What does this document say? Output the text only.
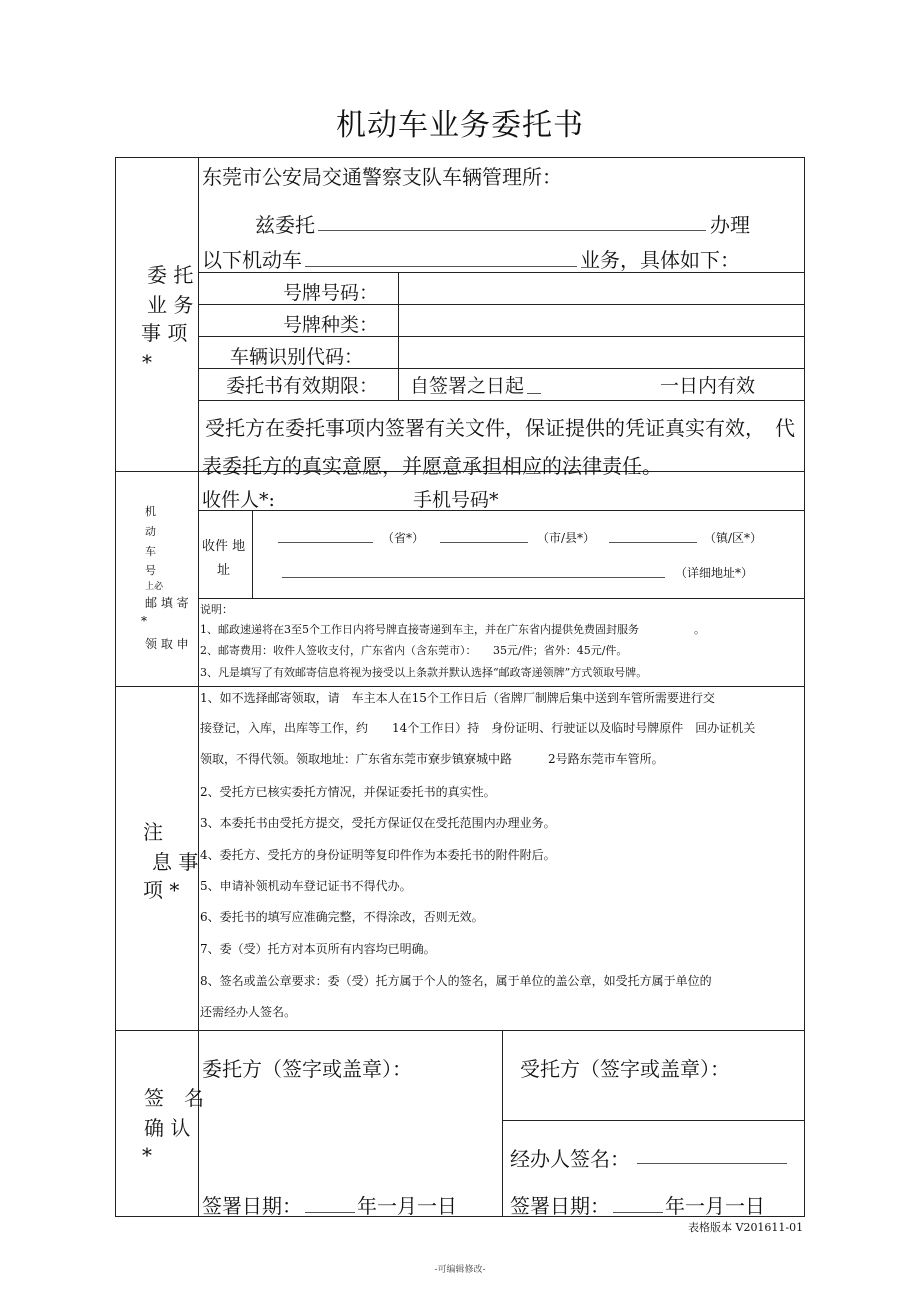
机动车业务委托书
委 托
业 务
事 项
*
东莞市公安局交通警察支队车辆管理所：
兹委托	办理
以下机动车	业务，具体如下：
号牌号码：
号牌种类：
车辆识别代码：
委托书有效期限： 自签署之日起	一日内有效
受托方在委托事项内签署有关文件，保证提供的凭证真实有效，　代
表委托方的真实意愿，并愿意承担相应的法律责任。
机
动
车
号
上必
邮 填 寄
*
领 取 申
收件人*:	手机号码*
收件 地
址
（省*）	（市/县*）	（镇/区*）
（详细地址*）
说明：
1、邮政速递将在3至5个工作日内将号牌直接寄递到车主，并在广东省内提供免费固封服务　　　　　。
2、邮寄费用：收件人签收支付，广东省内（含东莞市）：　　35元/件；省外：45元/件。
3、凡是填写了有效邮寄信息将视为接受以上条款并默认选择“邮政寄递领牌”方式领取号牌。
注
息 事
项 *
1、如不选择邮寄领取，请　车主本人在15个工作日后（省牌厂制牌后集中送到车管所需要进行交
接登记，入库，出库等工作，约　　14个工作日）持　身份证明、行驶证以及临时号牌原件　回办证机关
领取，不得代领。领取地址：广东省东莞市寮步镇寮城中路　　　2号路东莞市车管所。
2、受托方已核实委托方情况，并保证委托书的真实性。
3、本委托书由受托方提交，受托方保证仅在受托范围内办理业务。
4、委托方、受托方的身份证明等复印件作为本委托书的附件附后。
5、申请补领机动车登记证书不得代办。
6、委托书的填写应准确完整，不得涂改，否则无效。
7、委（受）托方对本页所有内容均已明确。
8、签名或盖公章要求：委（受）托方属于个人的签名，属于单位的盖公章，如受托方属于单位的
还需经办人签名。
签　名
确 认
*
委托方（签字或盖章）：	受托方（签字或盖章）：
经办人签名：
签署日期：	年一月一日	签署日期：	年一月一日
表格版本 V201611-01
-可编辑修改-
